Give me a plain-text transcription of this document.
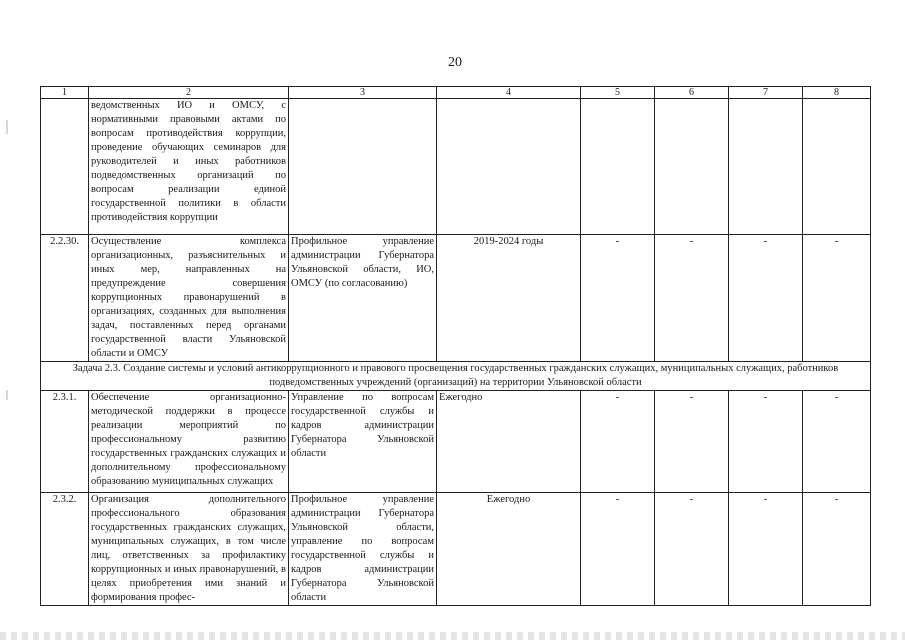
20
1	2	3	4	5	6	7	8
	ведомственных ИО и ОМСУ, с нормативными правовыми актами по вопросам противодействия коррупции, проведение обучающих семинаров для руководителей и иных работников подведомственных организаций по вопросам реализации единой государственной политики в области противодействия коррупции						
2.2.30.	Осуществление комплекса организационных, разъяснительных и иных мер, направленных на предупреждение совершения коррупционных правонарушений в организациях, созданных для выполнения задач, поставленных перед органами государственной власти Ульяновской области и ОМСУ	Профильное управление администрации Губернатора Ульяновской области, ИО, ОМСУ (по согласованию)	2019-2024 годы	-	-	-	-
Задача 2.3. Создание системы и условий антикоррупционного и правового просвещения государственных гражданских служащих, муниципальных служащих, работников подведомственных учреждений (организаций) на территории Ульяновской области							
2.3.1.	Обеспечение организационно-методической поддержки в процессе реализации мероприятий по профессиональному развитию государственных гражданских служащих и дополнительному профессиональному образованию муниципальных служащих	Управление по вопросам государственной службы и кадров администрации Губернатора Ульяновской области	Ежегодно	-	-	-	-
2.3.2.	Организация дополнительного профессионального образования государственных гражданских служащих, муниципальных служащих, в том числе лиц, ответственных за профилактику коррупционных и иных правонарушений, в целях приобретения ими знаний и формирования профес-	Профильное управление администрации Губернатора Ульяновской области, управление по вопросам государственной службы и кадров администрации Губернатора Ульяновской области	Ежегодно	-	-	-	-
